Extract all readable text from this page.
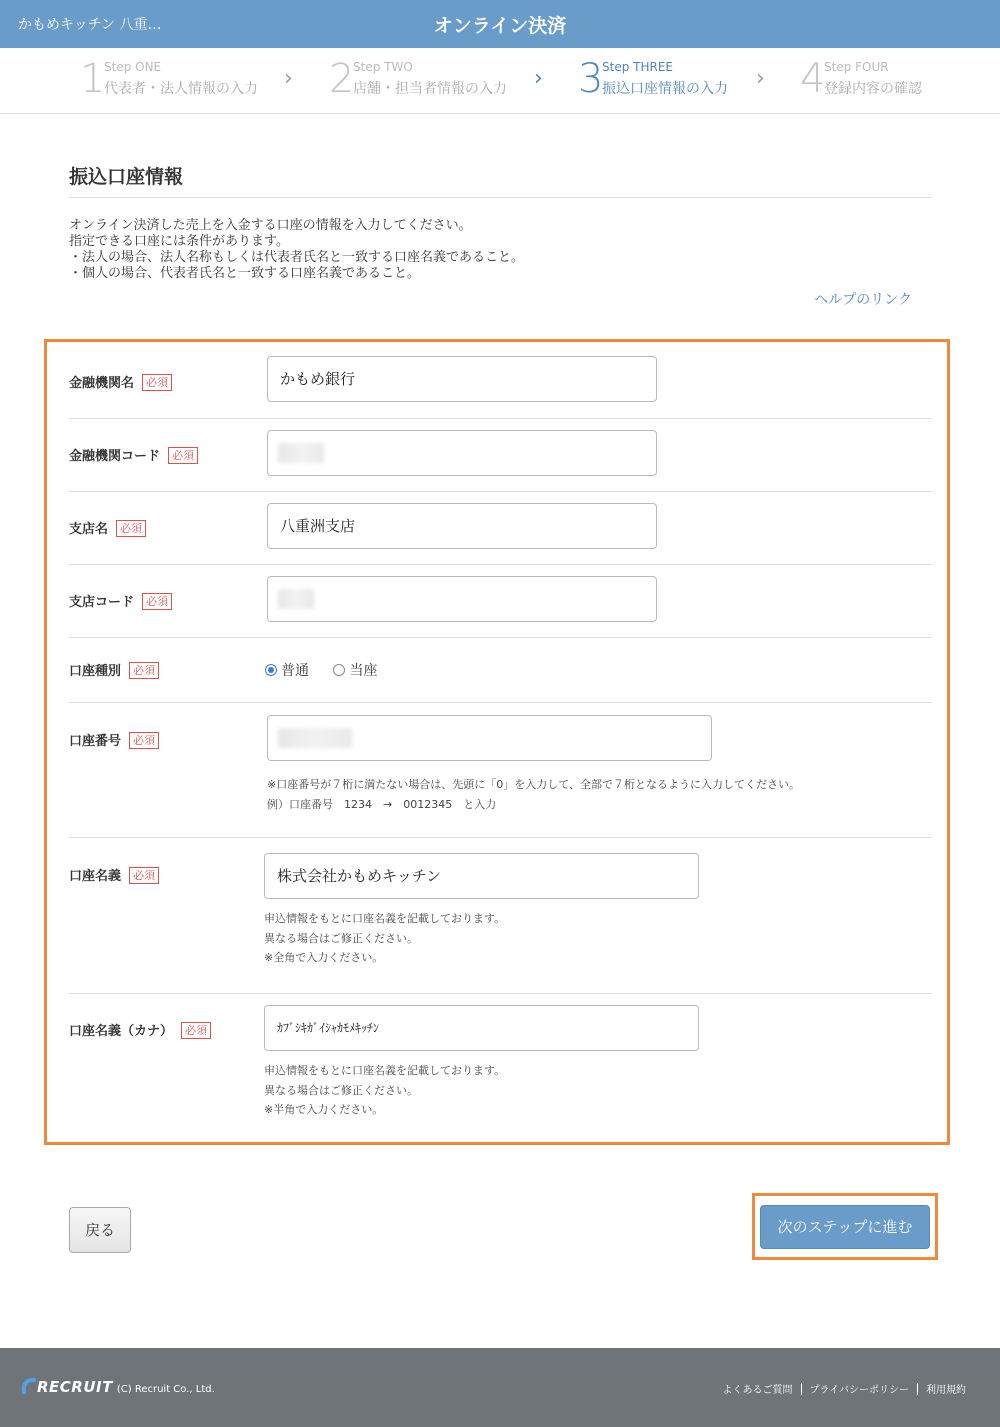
かもめキッチン 八重…	オンライン決済
1
Step ONE
代表者・法人情報の入力 › 2
Step TWO
店舗・担当者情報の入力 › 3
Step THREE
振込口座情報の入力 › 4
Step FOUR
登録内容の確認
振込口座情報
オンライン決済した売上を入金する口座の情報を入力してください。
指定できる口座には条件があります。
・法人の場合、法人名称もしくは代表者氏名と一致する口座名義であること。
・個人の場合、代表者氏名と一致する口座名義であること。
ヘルプのリンク
金融機関名 必須	かもめ銀行
金融機関コード 必須
支店名 必須	八重洲支店
支店コード 必須
口座種別 必須	普通	当座
口座番号 必須
※口座番号が７桁に満たない場合は、先頭に「0」を入力して、全部で７桁となるように入力してください。
例）口座番号　1234　→　0012345　と入力
口座名義 必須	株式会社かもめキッチン
申込情報をもとに口座名義を記載しております。
異なる場合はご修正ください。
※全角で入力ください。
口座名義（カナ） 必須	ｶﾌﾞｼｷｶﾞｲｼｬｶﾓﾒｷｯﾁﾝ
申込情報をもとに口座名義を記載しております。
異なる場合はご修正ください。
※半角で入力ください。
戻る	次のステップに進む
RECRUIT (C) Recruit Co., Ltd.	よくあるご質問 プライバシーポリシー 利用規約
